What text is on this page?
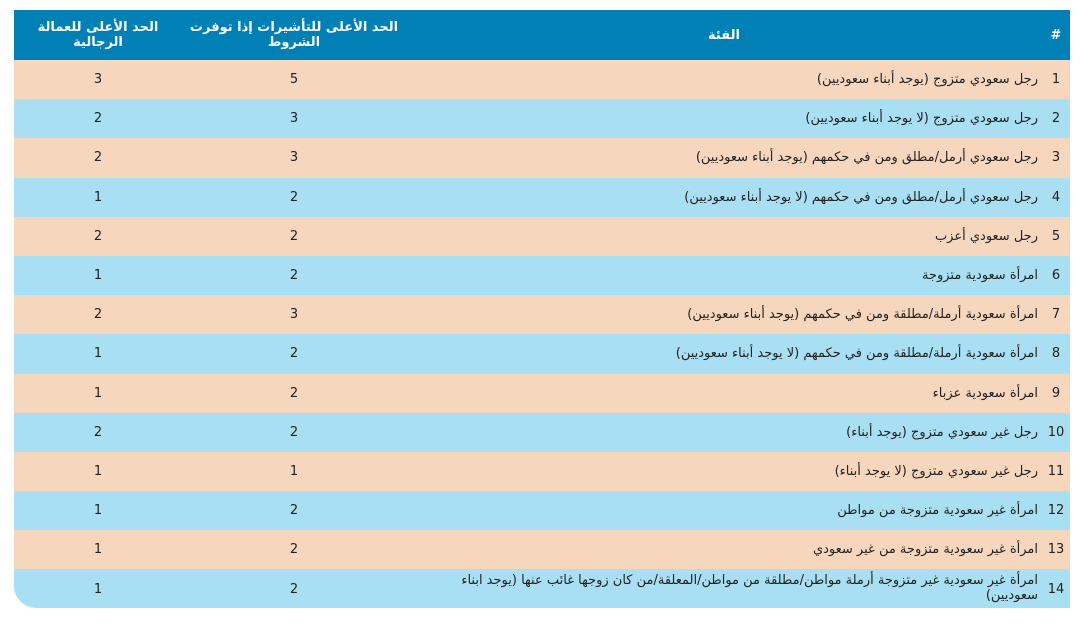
#	الفئة	الحد الأعلى للتأشيرات إذا توفرت الشروط	الحد الأعلى للعمالة الرجالية
1	رجل سعودي متزوج (يوجد أبناء سعوديين)	5	3
2	رجل سعودي متزوج (لا يوجد أبناء سعوديين)	3	2
3	رجل سعودي أرمل/مطلق ومن في حكمهم (يوجد أبناء سعوديين)	3	2
4	رجل سعودي أرمل/مطلق ومن في حكمهم (لا يوجد أبناء سعوديين)	2	1
5	رجل سعودي أعزب	2	2
6	امرأة سعودية متزوجة	2	1
7	امرأة سعودية أرملة/مطلقة ومن في حكمهم (يوجد أبناء سعوديين)	3	2
8	امرأة سعودية أرملة/مطلقة ومن في حكمهم (لا يوجد أبناء سعوديين)	2	1
9	امرأة سعودية عزباء	2	1
10	رجل غير سعودي متزوج (يوجد أبناء)	2	2
11	رجل غير سعودي متزوج (لا يوجد أبناء)	1	1
12	امرأة غير سعودية متزوجة من مواطن	2	1
13	امرأة غير سعودية متزوجة من غير سعودي	2	1
14	امرأة غير سعودية غير متزوجة أرملة مواطن/مطلقة من مواطن/المعلقة/من كان زوجها غائب عنها (يوجد ابناء سعوديين)	2	1
